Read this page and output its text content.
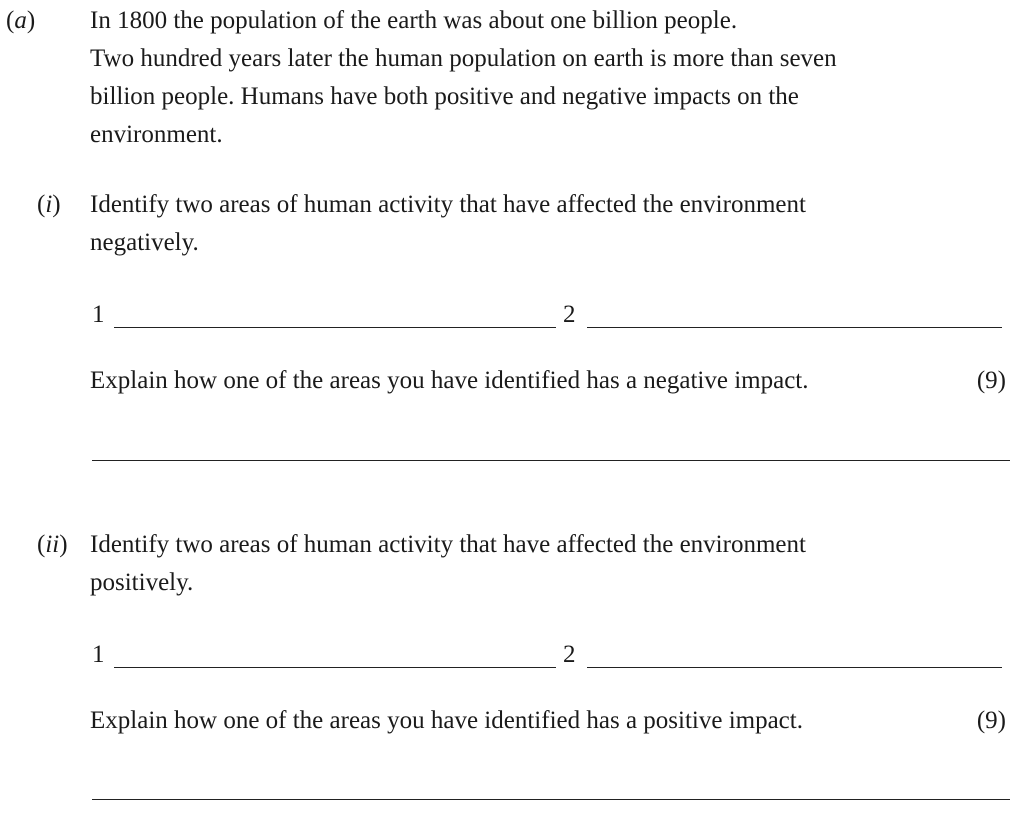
(a) In 1800 the population of the earth was about one billion people.
Two hundred years later the human population on earth is more than seven
billion people. Humans have both positive and negative impacts on the
environment.
(i) Identify two areas of human activity that have affected the environment
negatively.
1	2
Explain how one of the areas you have identified has a negative impact.	(9)
(ii) Identify two areas of human activity that have affected the environment
positively.
1	2
Explain how one of the areas you have identified has a positive impact.	(9)
